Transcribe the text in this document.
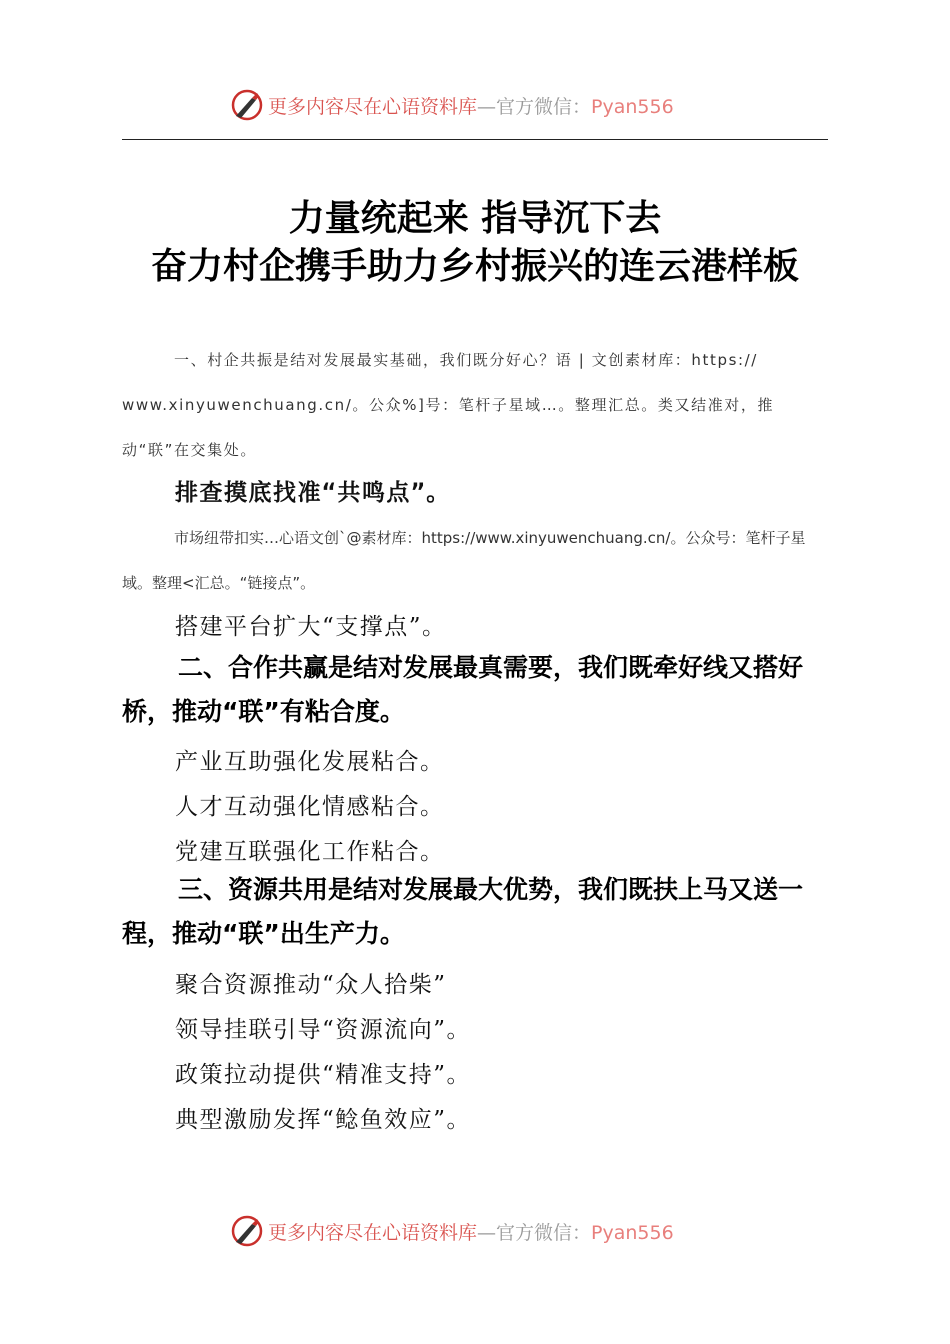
更多内容尽在心语资料库—官方微信：Pyan556
力量统起来 指导沉下去
奋力村企携手助力乡村振兴的连云港样板
一、村企共振是结对发展最实基础，我们既分好心？语 | 文创素材库：https:// www.xinyuwenchuang.cn/。公众%]号：笔杆子星域…。整理汇总。类又结准对，推动“联”在交集处。
排查摸底找准“共鸣点”。
市场纽带扣实…心语文创`@素材库：https://www.xinyuwenchuang.cn/。公众号：笔杆子星域。整理<汇总。“链接点”。
搭建平台扩大“支撑点”。
二、合作共赢是结对发展最真需要，我们既牵好线又搭好桥，推动“联”有粘合度。
产业互助强化发展粘合。
人才互动强化情感粘合。
党建互联强化工作粘合。
三、资源共用是结对发展最大优势，我们既扶上马又送一程，推动“联”出生产力。
聚合资源推动“众人拾柴”
领导挂联引导“资源流向”。
政策拉动提供“精准支持”。
典型激励发挥“鲶鱼效应”。
更多内容尽在心语资料库—官方微信：Pyan556
